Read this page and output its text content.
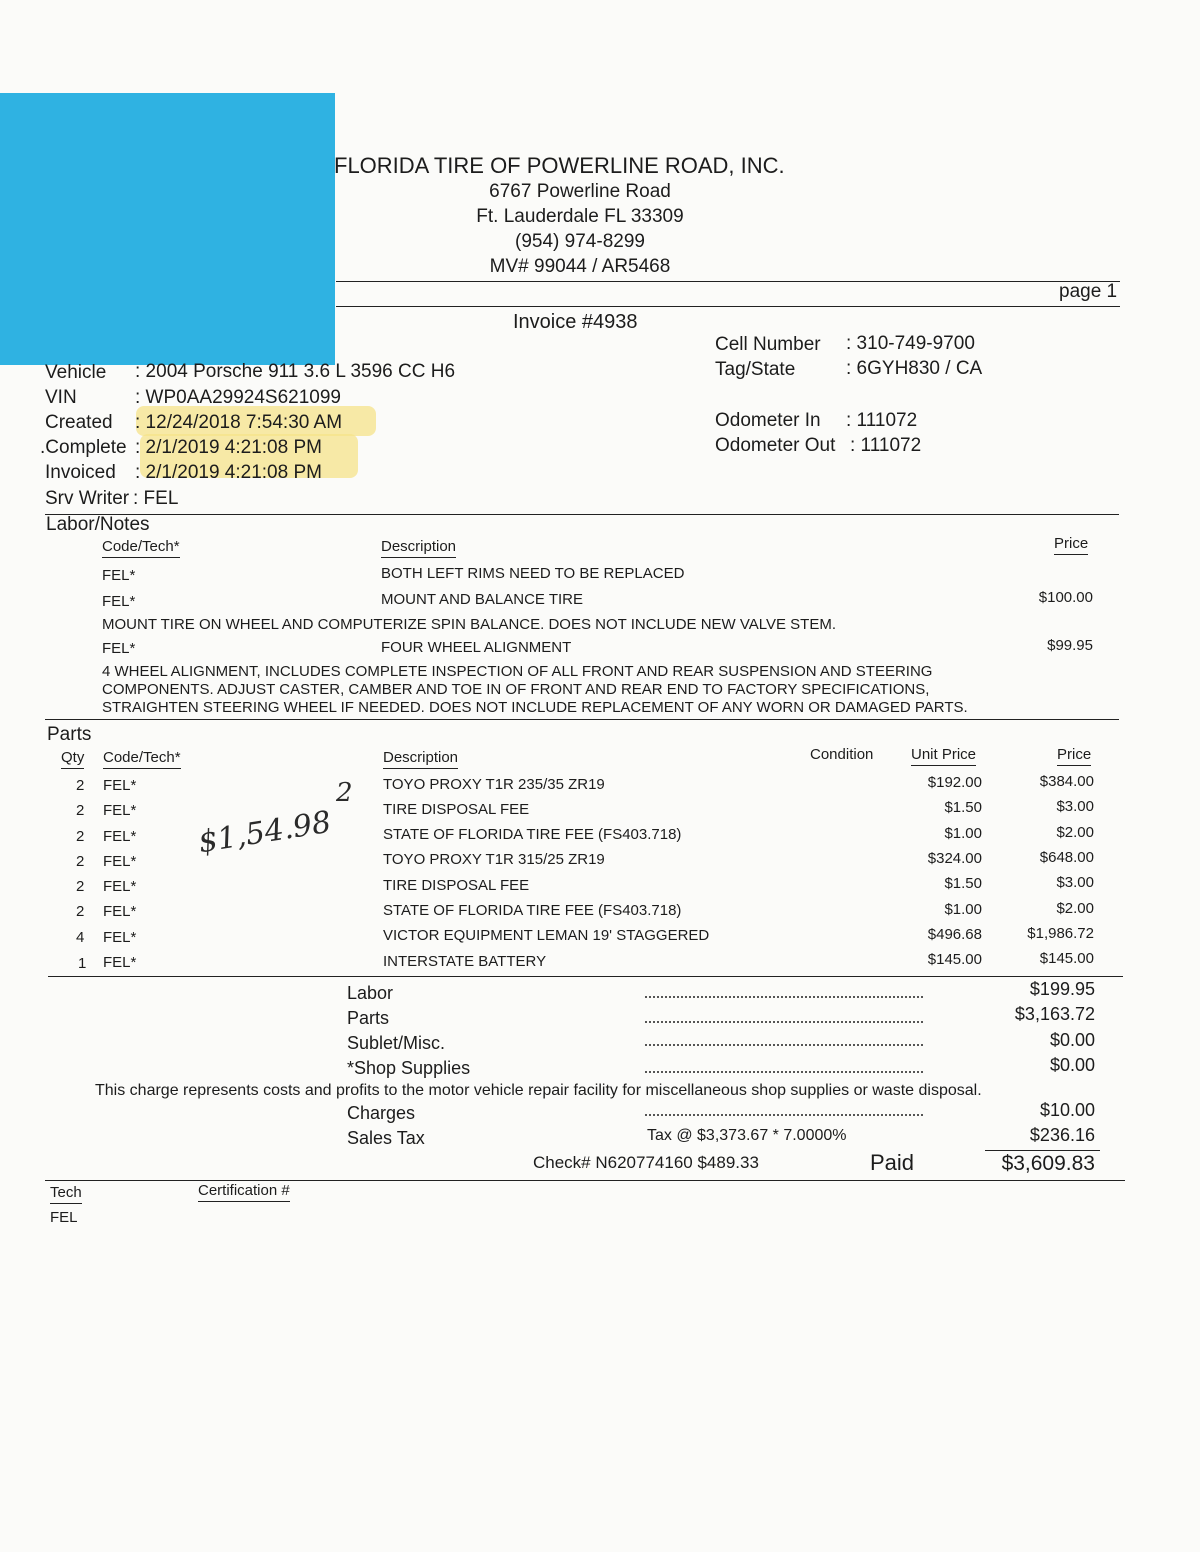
FLORIDA TIRE OF POWERLINE ROAD, INC.
6767 Powerline Road
Ft. Lauderdale FL 33309
(954) 974-8299
MV# 99044 / AR5468
page 1
Invoice #4938
Vehicle : 2004 Porsche 911 3.6 L 3596 CC H6
VIN	: WP0AA29924S621099
Created : 12/24/2018 7:54:30 AM
.Complete : 2/1/2019 4:21:08 PM
Invoiced : 2/1/2019 4:21:08 PM
Srv Writer : FEL
Cell Number : 310-749-9700
Tag/State	: 6GYH830 / CA
Odometer In : 111072
Odometer Out : 111072
Labor/Notes
Code/Tech*	Description	Price
FEL*	BOTH LEFT RIMS NEED TO BE REPLACED
FEL*	MOUNT AND BALANCE TIRE	$100.00
MOUNT TIRE ON WHEEL AND COMPUTERIZE SPIN BALANCE. DOES NOT INCLUDE NEW VALVE STEM.
FEL*	FOUR WHEEL ALIGNMENT	$99.95
4 WHEEL ALIGNMENT, INCLUDES COMPLETE INSPECTION OF ALL FRONT AND REAR SUSPENSION AND STEERING
COMPONENTS. ADJUST CASTER, CAMBER AND TOE IN OF FRONT AND REAR END TO FACTORY SPECIFICATIONS,
STRAIGHTEN STEERING WHEEL IF NEEDED. DOES NOT INCLUDE REPLACEMENT OF ANY WORN OR DAMAGED PARTS.
Parts
Qty Code/Tech*	Description	Condition	Unit Price	Price
2 FEL*	TOYO PROXY T1R 235/35 ZR19	$192.00	$384.00
2 FEL*	TIRE DISPOSAL FEE	$1.50	$3.00
2 FEL*	STATE OF FLORIDA TIRE FEE (FS403.718)	$1.00	$2.00
2 FEL*	TOYO PROXY T1R 315/25 ZR19	$324.00	$648.00
2 FEL*	TIRE DISPOSAL FEE	$1.50	$3.00
2 FEL*	STATE OF FLORIDA TIRE FEE (FS403.718)	$1.00	$2.00
4 FEL*	VICTOR EQUIPMENT LEMAN 19' STAGGERED	$496.68	$1,986.72
1 FEL*	INTERSTATE BATTERY	$145.00	$145.00
$1,54.98
2
Labor	$199.95
Parts	$3,163.72
Sublet/Misc.	$0.00
*Shop Supplies	$0.00
This charge represents costs and profits to the motor vehicle repair facility for miscellaneous shop supplies or waste disposal.
Charges	$10.00
Sales Tax	Tax @ $3,373.67 * 7.0000%	$236.16
Check# N620774160 $489.33	Paid	$3,609.83
Tech	Certification #
FEL
